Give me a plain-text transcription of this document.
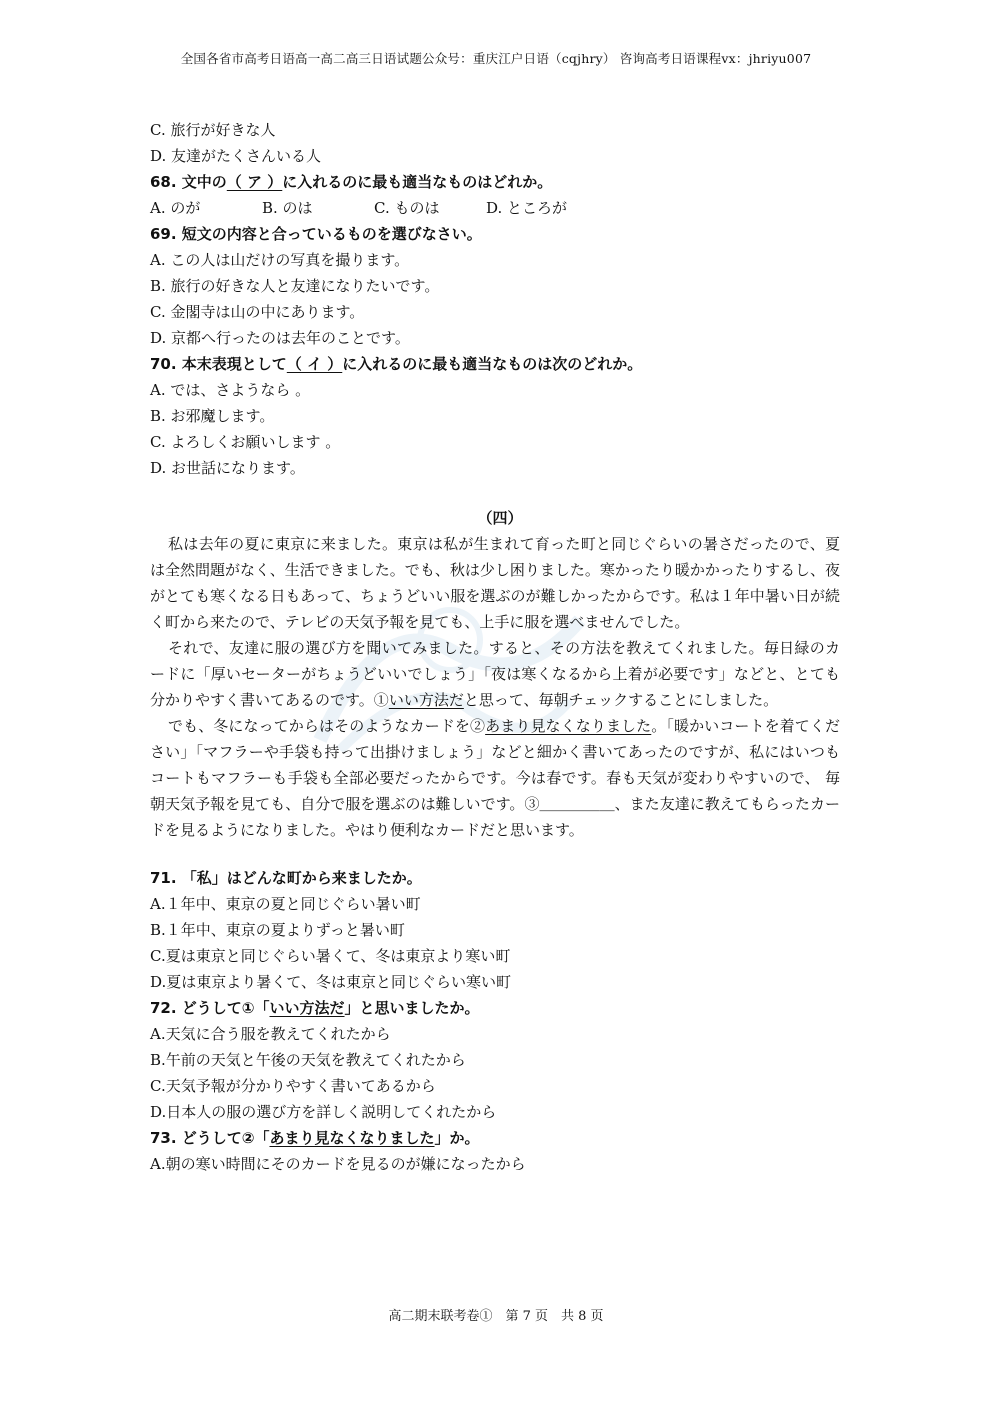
全国各省市高考日语高一高二高三日语试题公众号：重庆江户日语（cqjhry） 咨询高考日语课程vx：jhriyu007
C. 旅行が好きな人
D. 友達がたくさんいる人
68. 文中の（ ア ）に入れるのに最も適当なものはどれか。
A. のが	B. のは	C. ものは	D. ところが
69. 短文の内容と合っているものを選びなさい。
A. この人は山だけの写真を撮ります。
B. 旅行の好きな人と友達になりたいです。
C. 金閣寺は山の中にあります。
D. 京都へ行ったのは去年のことです。
70. 本末表現として（ イ ）に入れるのに最も適当なものは次のどれか。
A. では、さようなら 。
B. お邪魔します。
C. よろしくお願いします 。
D. お世話になります。
（四）
私は去年の夏に東京に来ました。東京は私が生まれて育った町と同じぐらいの暑さだったので、夏は全然問題がなく、生活できました。でも、秋は少し困りました。寒かったり暖かかったりするし、夜がとても寒くなる日もあって、ちょうどいい服を選ぶのが難しかったからです。私は１年中暑い日が続く町から来たので、テレビの天気予報を見ても、上手に服を選べませんでした。
それで、友達に服の選び方を聞いてみました。すると、その方法を教えてくれました。毎日緑のカードに「厚いセーターがちょうどいいでしょう」「夜は寒くなるから上着が必要です」などと、とても分かりやすく書いてあるのです。①いい方法だと思って、毎朝チェックすることにしました。
でも、冬になってからはそのようなカードを②あまり見なくなりました。「暖かいコートを着てください」「マフラーや手袋も持って出掛けましょう」などと細かく書いてあったのですが、私にはいつもコートもマフラーも手袋も全部必要だったからです。今は春です。春も天気が変わりやすいので、 毎朝天気予報を見ても、自分で服を選ぶのは難しいです。③＿＿＿＿＿、また友達に教えてもらったカードを見るようになりました。やはり便利なカードだと思います。
71. 「私」はどんな町から来ましたか。
A.１年中、東京の夏と同じぐらい暑い町
B.１年中、東京の夏よりずっと暑い町
C.夏は東京と同じぐらい暑くて、冬は東京より寒い町
D.夏は東京より暑くて、冬は東京と同じぐらい寒い町
72. どうして①「いい方法だ」と思いましたか。
A.天気に合う服を教えてくれたから
B.午前の天気と午後の天気を教えてくれたから
C.天気予報が分かりやすく書いてあるから
D.日本人の服の選び方を詳しく説明してくれたから
73. どうして②「あまり見なくなりました」か。
A.朝の寒い時間にそのカードを見るのが嫌になったから
高二期末联考卷①　第 7 页　共 8 页
